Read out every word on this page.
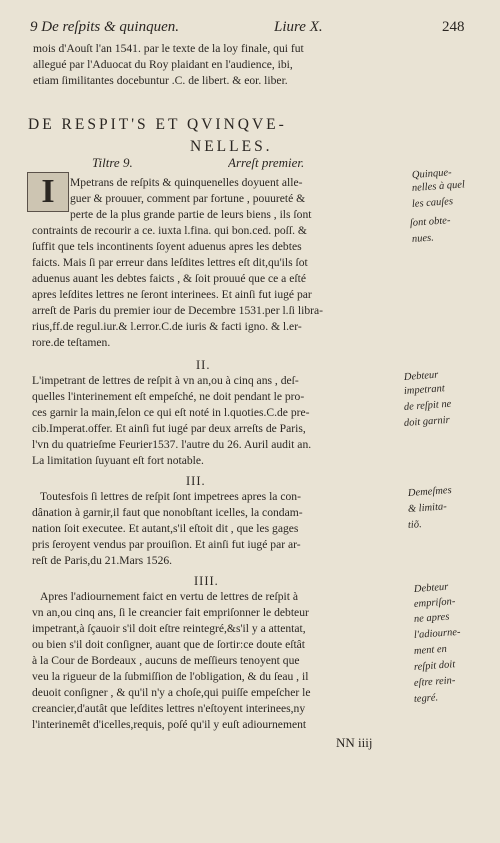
9 De reſpits & quinquen.	Liure X.	248
mois d'Aouſt l'an 1541. par le texte de la loy finale, qui fut
allegué par l'Aduocat du Roy plaidant en l'audience, ibi,
etiam ſimilitantes docebuntur .C. de libert. & eor. liber.
DE RESPIT'S ET QVINQVE-
NELLES.
Tiltre 9.	Arreſt premier.
I	Mpetrans de reſpits & quinquenelles doyuent alle-
guer & prouuer, comment par fortune , pouureté &
perte de la plus grande partie de leurs biens , ils ſont
contraints de recourir a ce. iuxta l.fina. qui bon.ced. poſſ. &
ſuffit que tels incontinents ſoyent aduenus apres les debtes
faicts. Mais ſi par erreur dans leſdites lettres eſt dit,qu'ils ſot
aduenus auant les debtes faicts , & ſoit prouué que ce a eſté
apres leſdites lettres ne ſeront interinees. Et ainſi fut iugé par
arreſt de Paris du premier iour de Decembre 1531.per l.ſi libra-
rius,ff.de regul.iur.& l.error.C.de iuris & facti igno. & l.er-
rore.de teſtamen.
II.
L'impetrant de lettres de reſpit à vn an,ou à cinq ans , deſ-
quelles l'interinement eſt empeſché, ne doit pendant le pro-
ces garnir la main,ſelon ce qui eſt noté in l.quoties.C.de pre-
cib.Imperat.offer. Et ainſi fut iugé par deux arreſts de Paris,
l'vn du quatrieſme Feurier1537. l'autre du 26. Auril audit an.
La limitation ſuyuant eſt fort notable.
III.
Toutesfois ſi lettres de reſpit ſont impetrees apres la con-
dânation à garnir,il faut que nonobſtant icelles, la condam-
nation ſoit executee. Et autant,s'il eſtoit dit , que les gages
pris ſeroyent vendus par prouiſion. Et ainſi fut iugé par ar-
reſt de Paris,du 21.Mars 1526.
IIII.
Apres l'adiournement faict en vertu de lettres de reſpit à
vn an,ou cinq ans, ſi le creancier fait empriſonner le debteur
impetrant,à ſçauoir s'il doit eſtre reintegré,&s'il y a attentat,
ou bien s'il doit conſigner, auant que de ſortir:ce doute eſtât
à la Cour de Bordeaux , aucuns de meſſieurs tenoyent que
veu la rigueur de la ſubmiſſion de l'obligation, & du ſeau , il
deuoit conſigner , & qu'il n'y a choſe,qui puiſſe empeſcher le
creancier,d'autât que leſdites lettres n'eſtoyent interinees,ny
l'interinemêt d'icelles,requis, poſé qu'il y euſt adiournement
NN iiij
Quinque-
nelles à quel
les cauſes
ſont obte-
nues.
Debteur
impetrant
de reſpit ne
doit garnir
Demeſmes
& limita-
tiõ.
Debteur
empriſon-
ne apres
l'adiourne-
ment en
reſpit doit
eſtre rein-
tegré.
